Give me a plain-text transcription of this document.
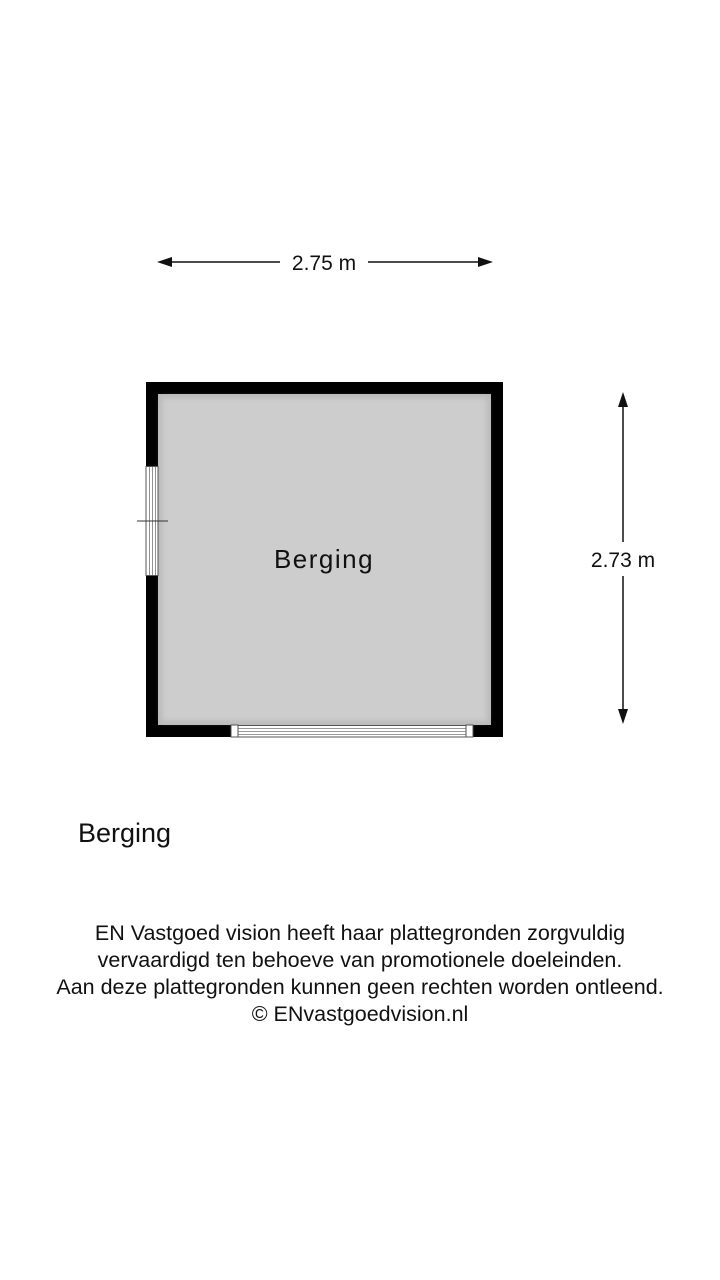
2.75 m
2.73 m
Berging
Berging
EN Vastgoed vision heeft haar plattegronden zorgvuldig
vervaardigd ten behoeve van promotionele doeleinden.
Aan deze plattegronden kunnen geen rechten worden ontleend.
© ENvastgoedvision.nl
